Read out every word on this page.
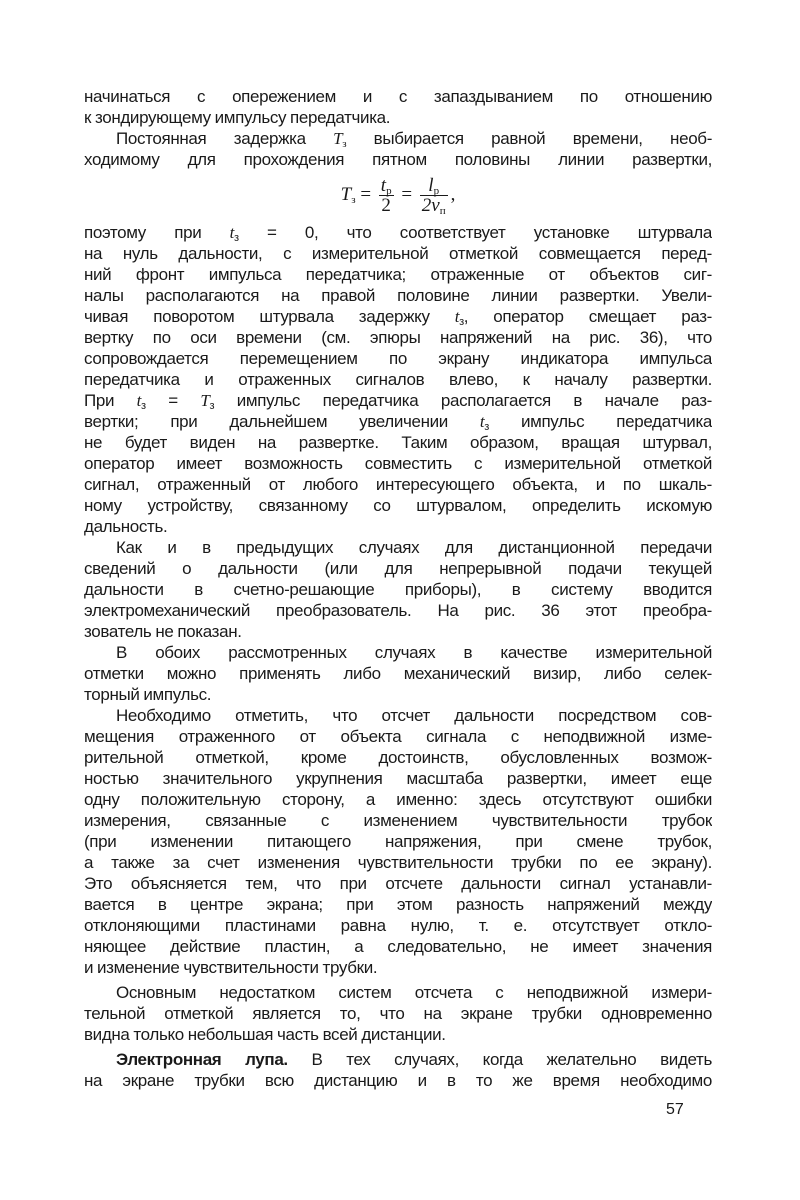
начинаться с опережением и с запаздыванием по отношению
к зондирующему импульсу передатчика.
Постоянная задержка $T_з$ выбирается равной времени, необ-
ходимому для прохождения пятном половины линии развертки,
$T_з = \frac{t_р}{2} = \frac{l_р}{2v_п}$ ,
поэтому при $t_з = 0$, что соответствует установке штурвала
на нуль дальности, с измерительной отметкой совмещается перед-
ний фронт импульса передатчика; отраженные от объектов сиг-
налы располагаются на правой половине линии развертки. Увели-
чивая поворотом штурвала задержку $t_з$, оператор смещает раз-
вертку по оси времени (см. эпюры напряжений на рис. 36), что
сопровождается перемещением по экрану индикатора импульса
передатчика и отраженных сигналов влево, к началу развертки.
При $t_з = T_з$ импульс передатчика располагается в начале раз-
вертки; при дальнейшем увеличении $t_з$ импульс передатчика
не будет виден на развертке. Таким образом, вращая штурвал,
оператор имеет возможность совместить с измерительной отметкой
сигнал, отраженный от любого интересующего объекта, и по шкаль-
ному устройству, связанному со штурвалом, определить искомую
дальность.
Как и в предыдущих случаях для дистанционной передачи
сведений о дальности (или для непрерывной подачи текущей
дальности в счетно-решающие приборы), в систему вводится
электромеханический преобразователь. На рис. 36 этот преобра-
зователь не показан.
В обоих рассмотренных случаях в качестве измерительной
отметки можно применять либо механический визир, либо селек-
торный импульс.
Необходимо отметить, что отсчет дальности посредством сов-
мещения отраженного от объекта сигнала с неподвижной изме-
рительной отметкой, кроме достоинств, обусловленных возмож-
ностью значительного укрупнения масштаба развертки, имеет еще
одну положительную сторону, а именно: здесь отсутствуют ошибки
измерения, связанные с изменением чувствительности трубок
(при изменении питающего напряжения, при смене трубок,
а также за счет изменения чувствительности трубки по ее экрану).
Это объясняется тем, что при отсчете дальности сигнал устанавли-
вается в центре экрана; при этом разность напряжений между
отклоняющими пластинами равна нулю, т. е. отсутствует откло-
няющее действие пластин, а следовательно, не имеет значения
и изменение чувствительности трубки.
Основным недостатком систем отсчета с неподвижной измери-
тельной отметкой является то, что на экране трубки одновременно
видна только небольшая часть всей дистанции.
Электронная лупа. В тех случаях, когда желательно видеть
на экране трубки всю дистанцию и в то же время необходимо
57
